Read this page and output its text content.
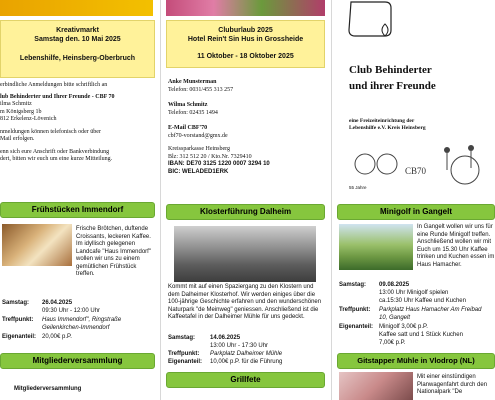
Kreativmarkt

Samstag den. 10 Mai 2025

Lebenshilfe, Heinsberg-Oberbruch

erbindliche Anmeldungen bitte schriftlich an
lub Behinderter und Ihrer Freunde - CBF 70
ilma Schmitz
m Königsberg 1b
812 Erkelenz-Lövenich
nmeldungen können telefonisch oder über
Mail erfolgen.
enn sich eure Anschrift oder Bankverbindung
dert, bitten wir euch um eine kurze Mitteilung.
Frühstücken Immendorf
Frische Brötchen, duftende Croissants, leckeren Kaffee. Im idyllisch gelegenen Landcafe "Haus Immendorf" wollen wir uns zu einem gemütlichen Frühstück treffen.
Samstag: 26.04.2025
09:30 Uhr - 12:00 Uhr
Treffpunkt: Haus Immendorf", Ringstraße Geilenkirchen-Immendorf
Eigenanteil: 20,00€ p.P.
Mitgliederversammlung
Mitgliederversammlung

Cluburlaub 2025

Hotel Rein't Sin Hus in Grossheide

11 Oktober - 18 Oktober 2025

Anke Munsterman
Telefon: 0031/455 313 257
Wilma Schmitz
Telefon: 02435 1494
E-Mail CBF'70
cbf70-vorstand@gmx.de
Kreissparkasse Heinsberg
Blz: 312 512 20 / Kto.Nr. 7329410
IBAN: DE70 3125 1220 0007 3294 10
BIC: WELADED1ERK
Klosterführung Dalheim
Kommt mit auf einen Spaziergang zu den Klostern und dem Dalheimer Klosterhof. Wir werden einiges über die 100-jährige Geschichte erfahren und den wunderschönen Naturpark "de Meinweg" geniessen. Anschließend ist die Kaffeetafel in der Dalheimer Mühle für uns gedeckt.
Samstag: 14.06.2025
13:00 Uhr - 17:30 Uhr
Treffpunkt: Parkplatz Dalheimer Mühle
Eigenanteil: 10,00€ p.P. für die Führung
Grillfete
Club Behinderter
und ihrer Freunde
eine Freizeiteinrichtung der
Lebenshilfe e.V. Kreis Heinsberg
CB70
55 Jahre
Minigolf in Gangelt
In Gangelt wollen wir uns für eine Runde Minigolf treffen. Anschließend wollen wir mit Euch um 15.30 Uhr Kaffee trinken und Kuchen essen im Haus Hamacher.
Samstag: 09.08.2025
13:00 Uhr Minigolf spielen
ca.15:30 Uhr Kaffee und Kuchen
Treffpunkt: Parkplatz Haus Hamacher Am Freibad 10, Gangelt
Eigenanteil: Minigolf 3,00€ p.P.
Kaffee satt und 1 Stück Kuchen
7,00€ p.P.
Gitstapper Mühle in Vlodrop (NL)
Mit einer einstündigen Planwagenfahrt durch den Nationalpark "De
